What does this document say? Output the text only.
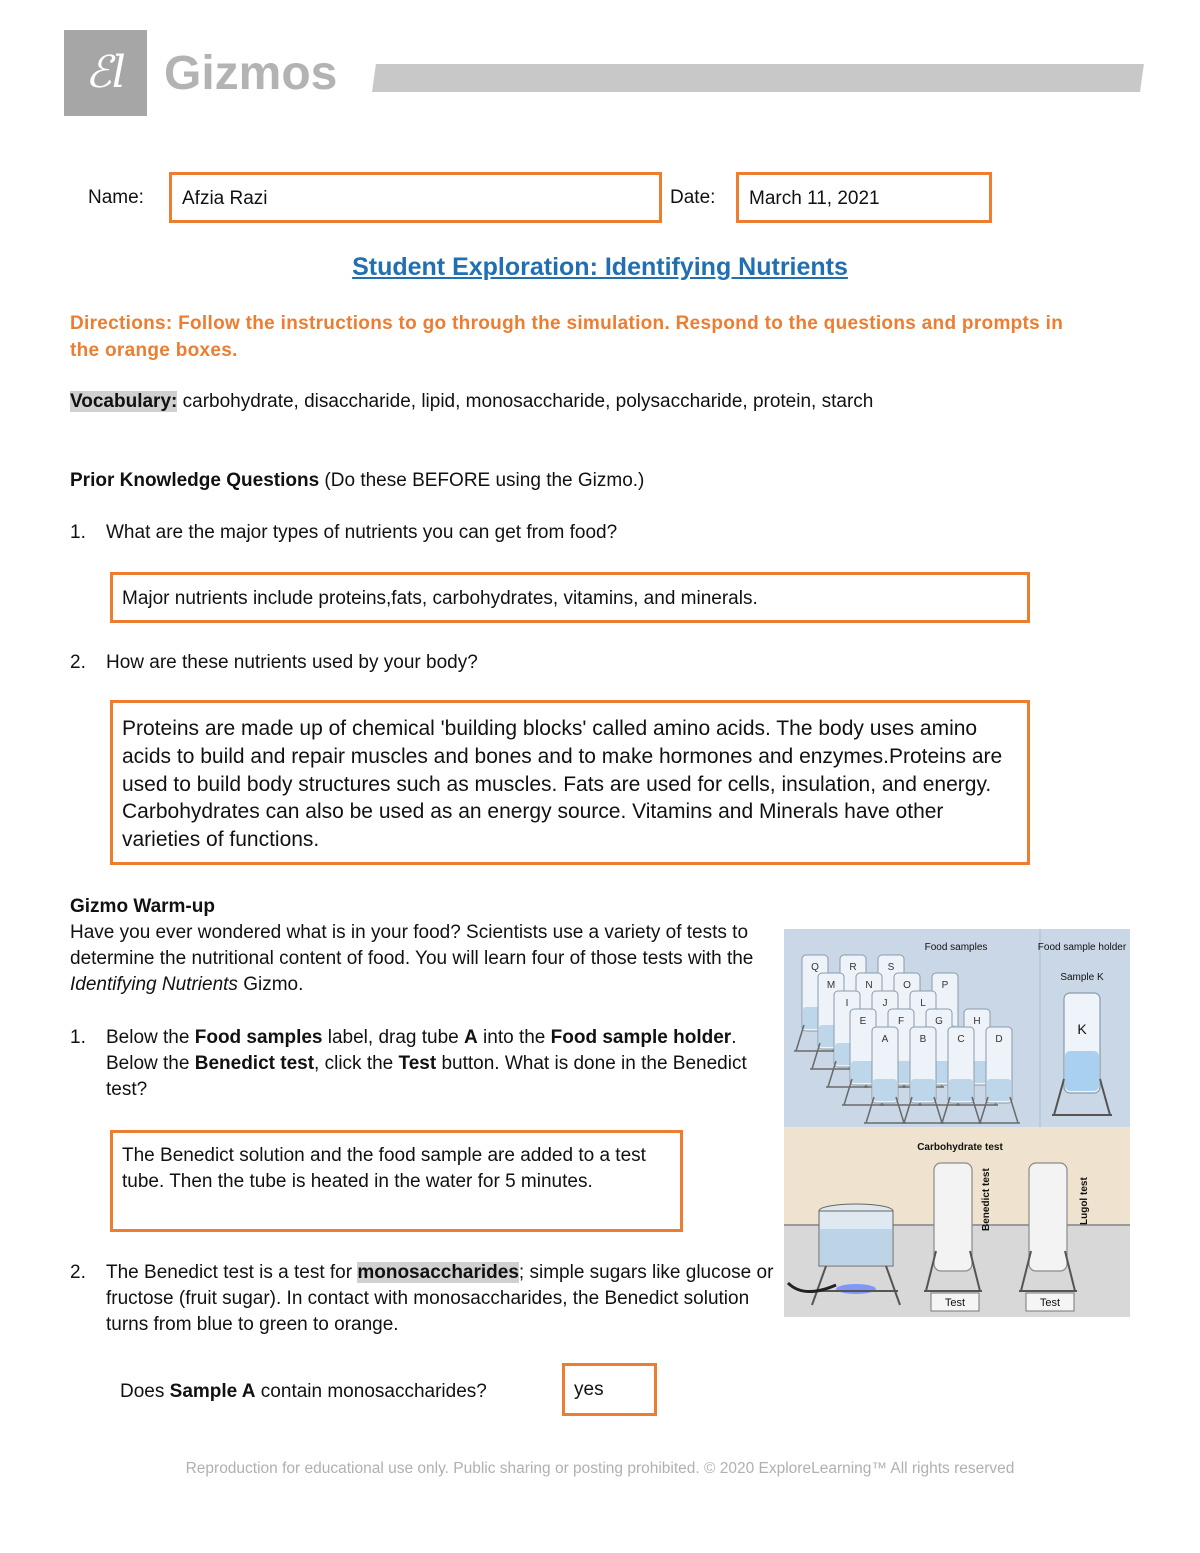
ℰl Gizmos
Name:	Afzia Razi	Date:	March 11, 2021
Student Exploration: Identifying Nutrients
Directions: Follow the instructions to go through the simulation. Respond to the questions and prompts in the orange boxes.
Vocabulary: carbohydrate, disaccharide, lipid, monosaccharide, polysaccharide, protein, starch
Prior Knowledge Questions (Do these BEFORE using the Gizmo.)
1. What are the major types of nutrients you can get from food?
Major nutrients include proteins,fats, carbohydrates, vitamins, and minerals.
2. How are these nutrients used by your body?
Proteins are made up of chemical 'building blocks' called amino acids. The body uses amino acids to build and repair muscles and bones and to make hormones and enzymes.Proteins are used to build body structures such as muscles. Fats are used for cells, insulation, and energy. Carbohydrates can also be used as an energy source. Vitamins and Minerals have other varieties of functions.
Gizmo Warm-up
Have you ever wondered what is in your food? Scientists use a variety of tests to determine the nutritional content of food. You will learn four of those tests with the Identifying Nutrients Gizmo.
1.	Below the Food samples label, drag tube A into the Food sample holder. Below the Benedict test, click the Test button. What is done in the Benedict test?

The Benedict solution and the food sample are added to a test tube. Then the tube is heated in the water for 5 minutes.
2.	The Benedict test is a test for monosaccharides; simple sugars like glucose or fructose (fruit sugar). In contact with monosaccharides, the Benedict solution turns from blue to green to orange.

Does Sample A contain monosaccharides?	yes
Food samples	Food sample holder
Sample K
Q	R	S
M	N	O	P
I	J	L
E	F	G	H
A	B	C	D
K
Carbohydrate test
Benedict test	Lugol test
Test	Test
Reproduction for educational use only. Public sharing or posting prohibited. © 2020 ExploreLearning™ All rights reserved
